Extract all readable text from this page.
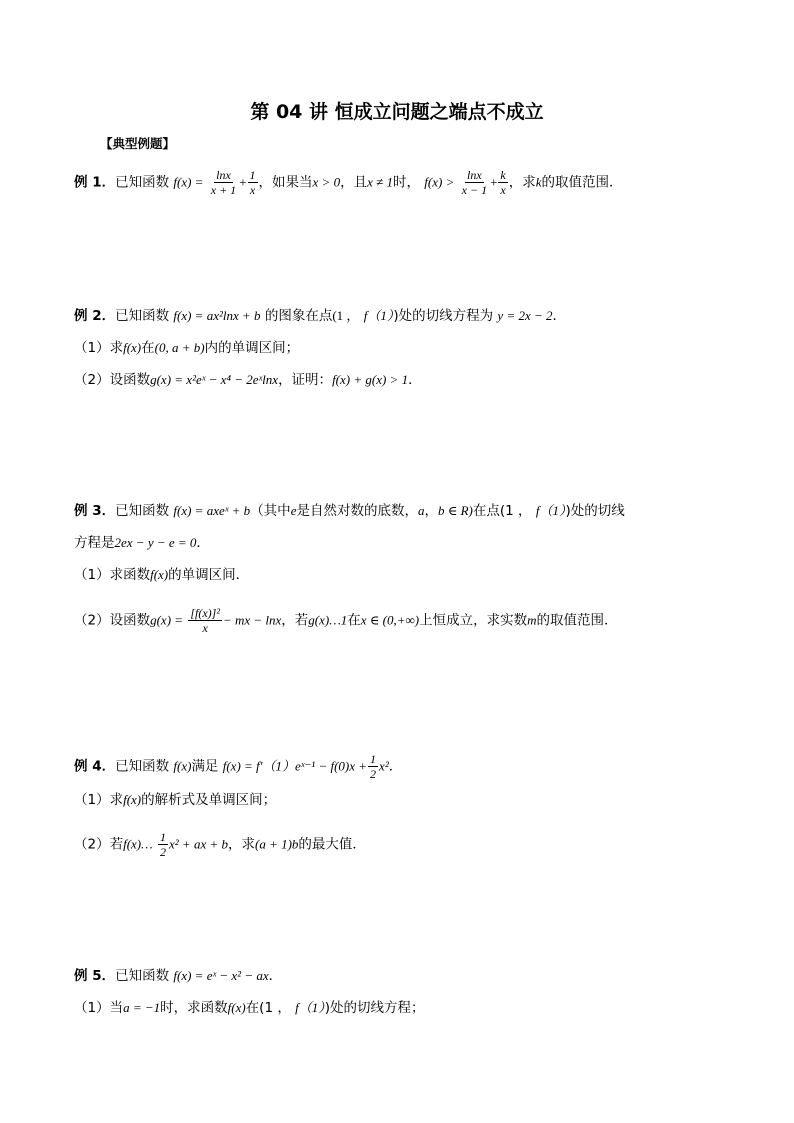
第 04 讲 恒成立问题之端点不成立
【典型例题】
例 1．已知函数 $f(x) = \frac{\ln x}{x + 1} + \frac{1}{x}$ ，如果当x > 0，且x ≠ 1时， $f(x) > \frac{\ln x}{x - 1} + \frac{k}{x}$ ，求k的取值范围．
例 2．已知函数 f(x) = ax²lnx + b 的图象在点(1 ， f（1）)处的切线方程为 y = 2x − 2．
（1）求f(x)在(0, a + b)内的单调区间；
（2）设函数g(x) = x²eˣ − x⁴ − 2eˣlnx，证明：f(x) + g(x) > 1．
例 3．已知函数 f(x) = axeˣ + b（其中e是自然对数的底数，a，b ∈ R)在点(1 ， f（1）)处的切线
方程是2ex − y − e = 0．
（1）求函数f(x)的单调区间．
（2）设函数$g(x) = \frac{\text{[f(x)]²}}{x}$ − mx − lnx，若g(x)…1在x ∈ (0,+∞)上恒成立，求实数m的取值范围．
例 4．已知函数 f(x)满足 f(x) = f′（1）eˣ⁻¹ − $f(0)x + \frac{1}{2} x^2$．
（1）求f(x)的解析式及单调区间；
（2）若f(x)… $\frac{1}{2} x^2$ + ax + b，求(a + 1)b的最大值．
例 5．已知函数 f(x) = eˣ − x² − ax．
（1）当a = −1时，求函数f(x)在(1 ， f（1）)处的切线方程；
